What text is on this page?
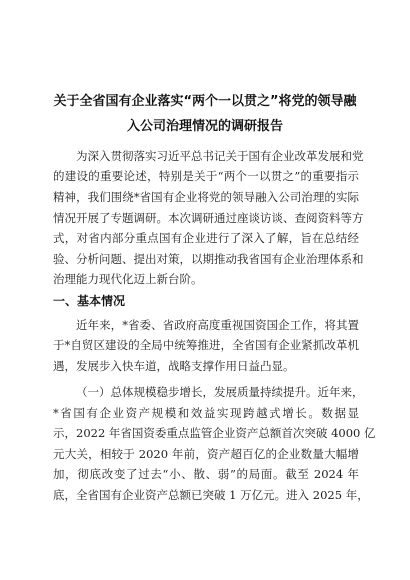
关于全省国有企业落实“两个一以贯之”将党的领导融
入公司治理情况的调研报告
为深入贯彻落实习近平总书记关于国有企业改革发展和党
的建设的重要论述，特别是关于“两个一以贯之”的重要指示
精神，我们围绕*省国有企业将党的领导融入公司治理的实际
情况开展了专题调研。本次调研通过座谈访谈、查阅资料等方
式，对省内部分重点国有企业进行了深入了解，旨在总结经
验、分析问题、提出对策，以期推动我省国有企业治理体系和
治理能力现代化迈上新台阶。
一、基本情况
近年来，*省委、省政府高度重视国资国企工作，将其置
于*自贸区建设的全局中统筹推进，全省国有企业紧抓改革机
遇，发展步入快车道，战略支撑作用日益凸显。
（一）总体规模稳步增长，发展质量持续提升。近年来，
*省国有企业资产规模和效益实现跨越式增长。数据显
示，2022 年省国资委重点监管企业资产总额首次突破 4000 亿
元大关，相较于 2020 年前，资产超百亿的企业数量大幅增
加，彻底改变了过去“小、散、弱”的局面。截至 2024 年
底，全省国有企业资产总额已突破 1 万亿元。进入 2025 年，
